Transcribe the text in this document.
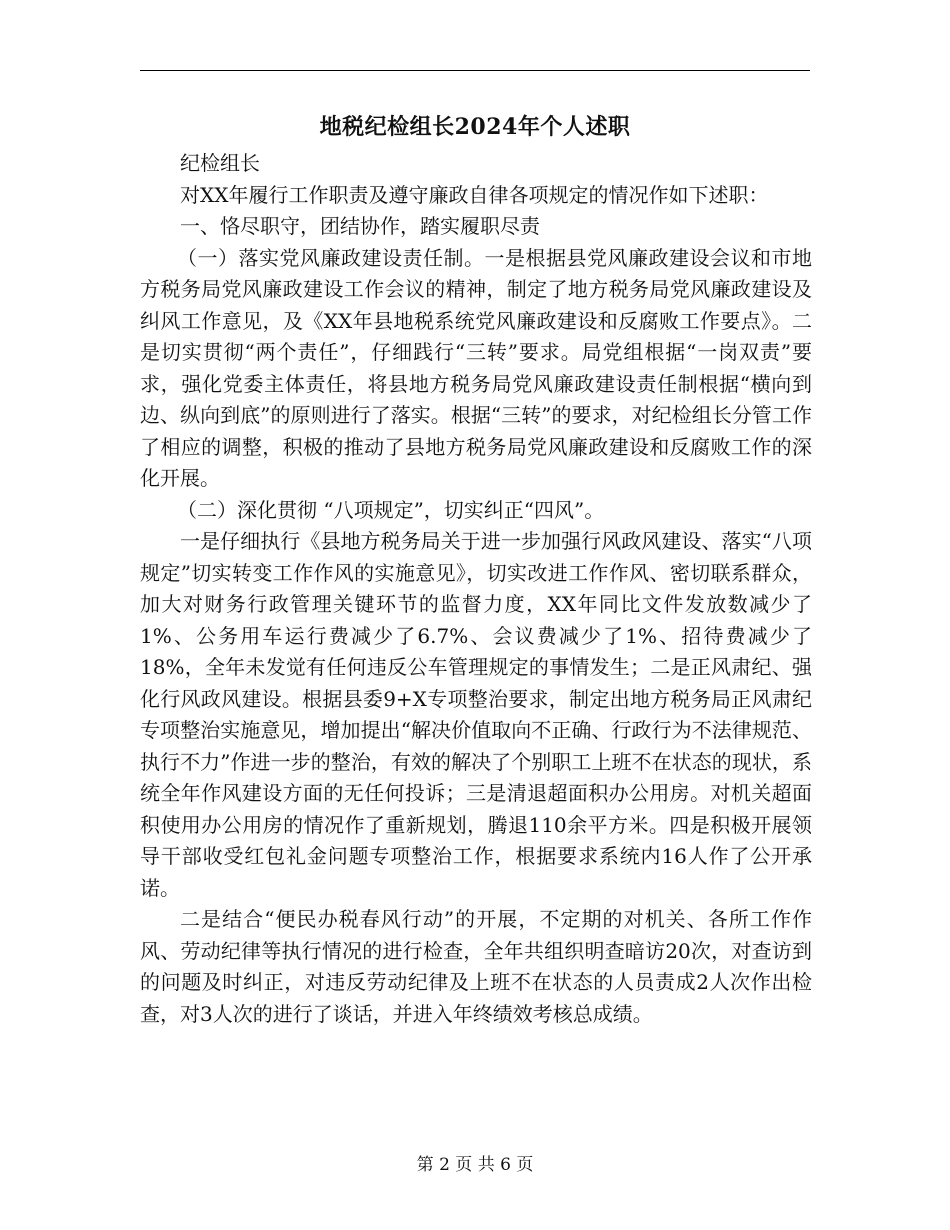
地税纪检组长2024年个人述职

纪检组长

对XX年履行工作职责及遵守廉政自律各项规定的情况作如下述职：

一、恪尽职守，团结协作，踏实履职尽责

（一）落实党风廉政建设责任制。一是根据县党风廉政建设会议和市地方税务局党风廉政建设工作会议的精神，制定了地方税务局党风廉政建设及纠风工作意见，及《XX年县地税系统党风廉政建设和反腐败工作要点》。二是切实贯彻“两个责任”，仔细践行“三转”要求。局党组根据“一岗双责”要求，强化党委主体责任，将县地方税务局党风廉政建设责任制根据“横向到边、纵向到底”的原则进行了落实。根据“三转”的要求，对纪检组长分管工作了相应的调整，积极的推动了县地方税务局党风廉政建设和反腐败工作的深化开展。

（二）深化贯彻 “八项规定”，切实纠正“四风”。

一是仔细执行《县地方税务局关于进一步加强行风政风建设、落实“八项规定”切实转变工作作风的实施意见》，切实改进工作作风、密切联系群众，加大对财务行政管理关键环节的监督力度，XX年同比文件发放数减少了1%、公务用车运行费减少了6.7%、会议费减少了1%、招待费减少了18%，全年未发觉有任何违反公车管理规定的事情发生；二是正风肃纪、强化行风政风建设。根据县委9+X专项整治要求，制定出地方税务局正风肃纪专项整治实施意见，增加提出“解决价值取向不正确、行政行为不法律规范、执行不力”作进一步的整治，有效的解决了个别职工上班不在状态的现状，系统全年作风建设方面的无任何投诉；三是清退超面积办公用房。对机关超面积使用办公用房的情况作了重新规划，腾退110余平方米。四是积极开展领导干部收受红包礼金问题专项整治工作，根据要求系统内16人作了公开承诺。

二是结合“便民办税春风行动”的开展，不定期的对机关、各所工作作风、劳动纪律等执行情况的进行检查，全年共组织明查暗访20次，对查访到的问题及时纠正，对违反劳动纪律及上班不在状态的人员责成2人次作出检查，对3人次的进行了谈话，并进入年终绩效考核总成绩。

第 2 页 共 6 页
